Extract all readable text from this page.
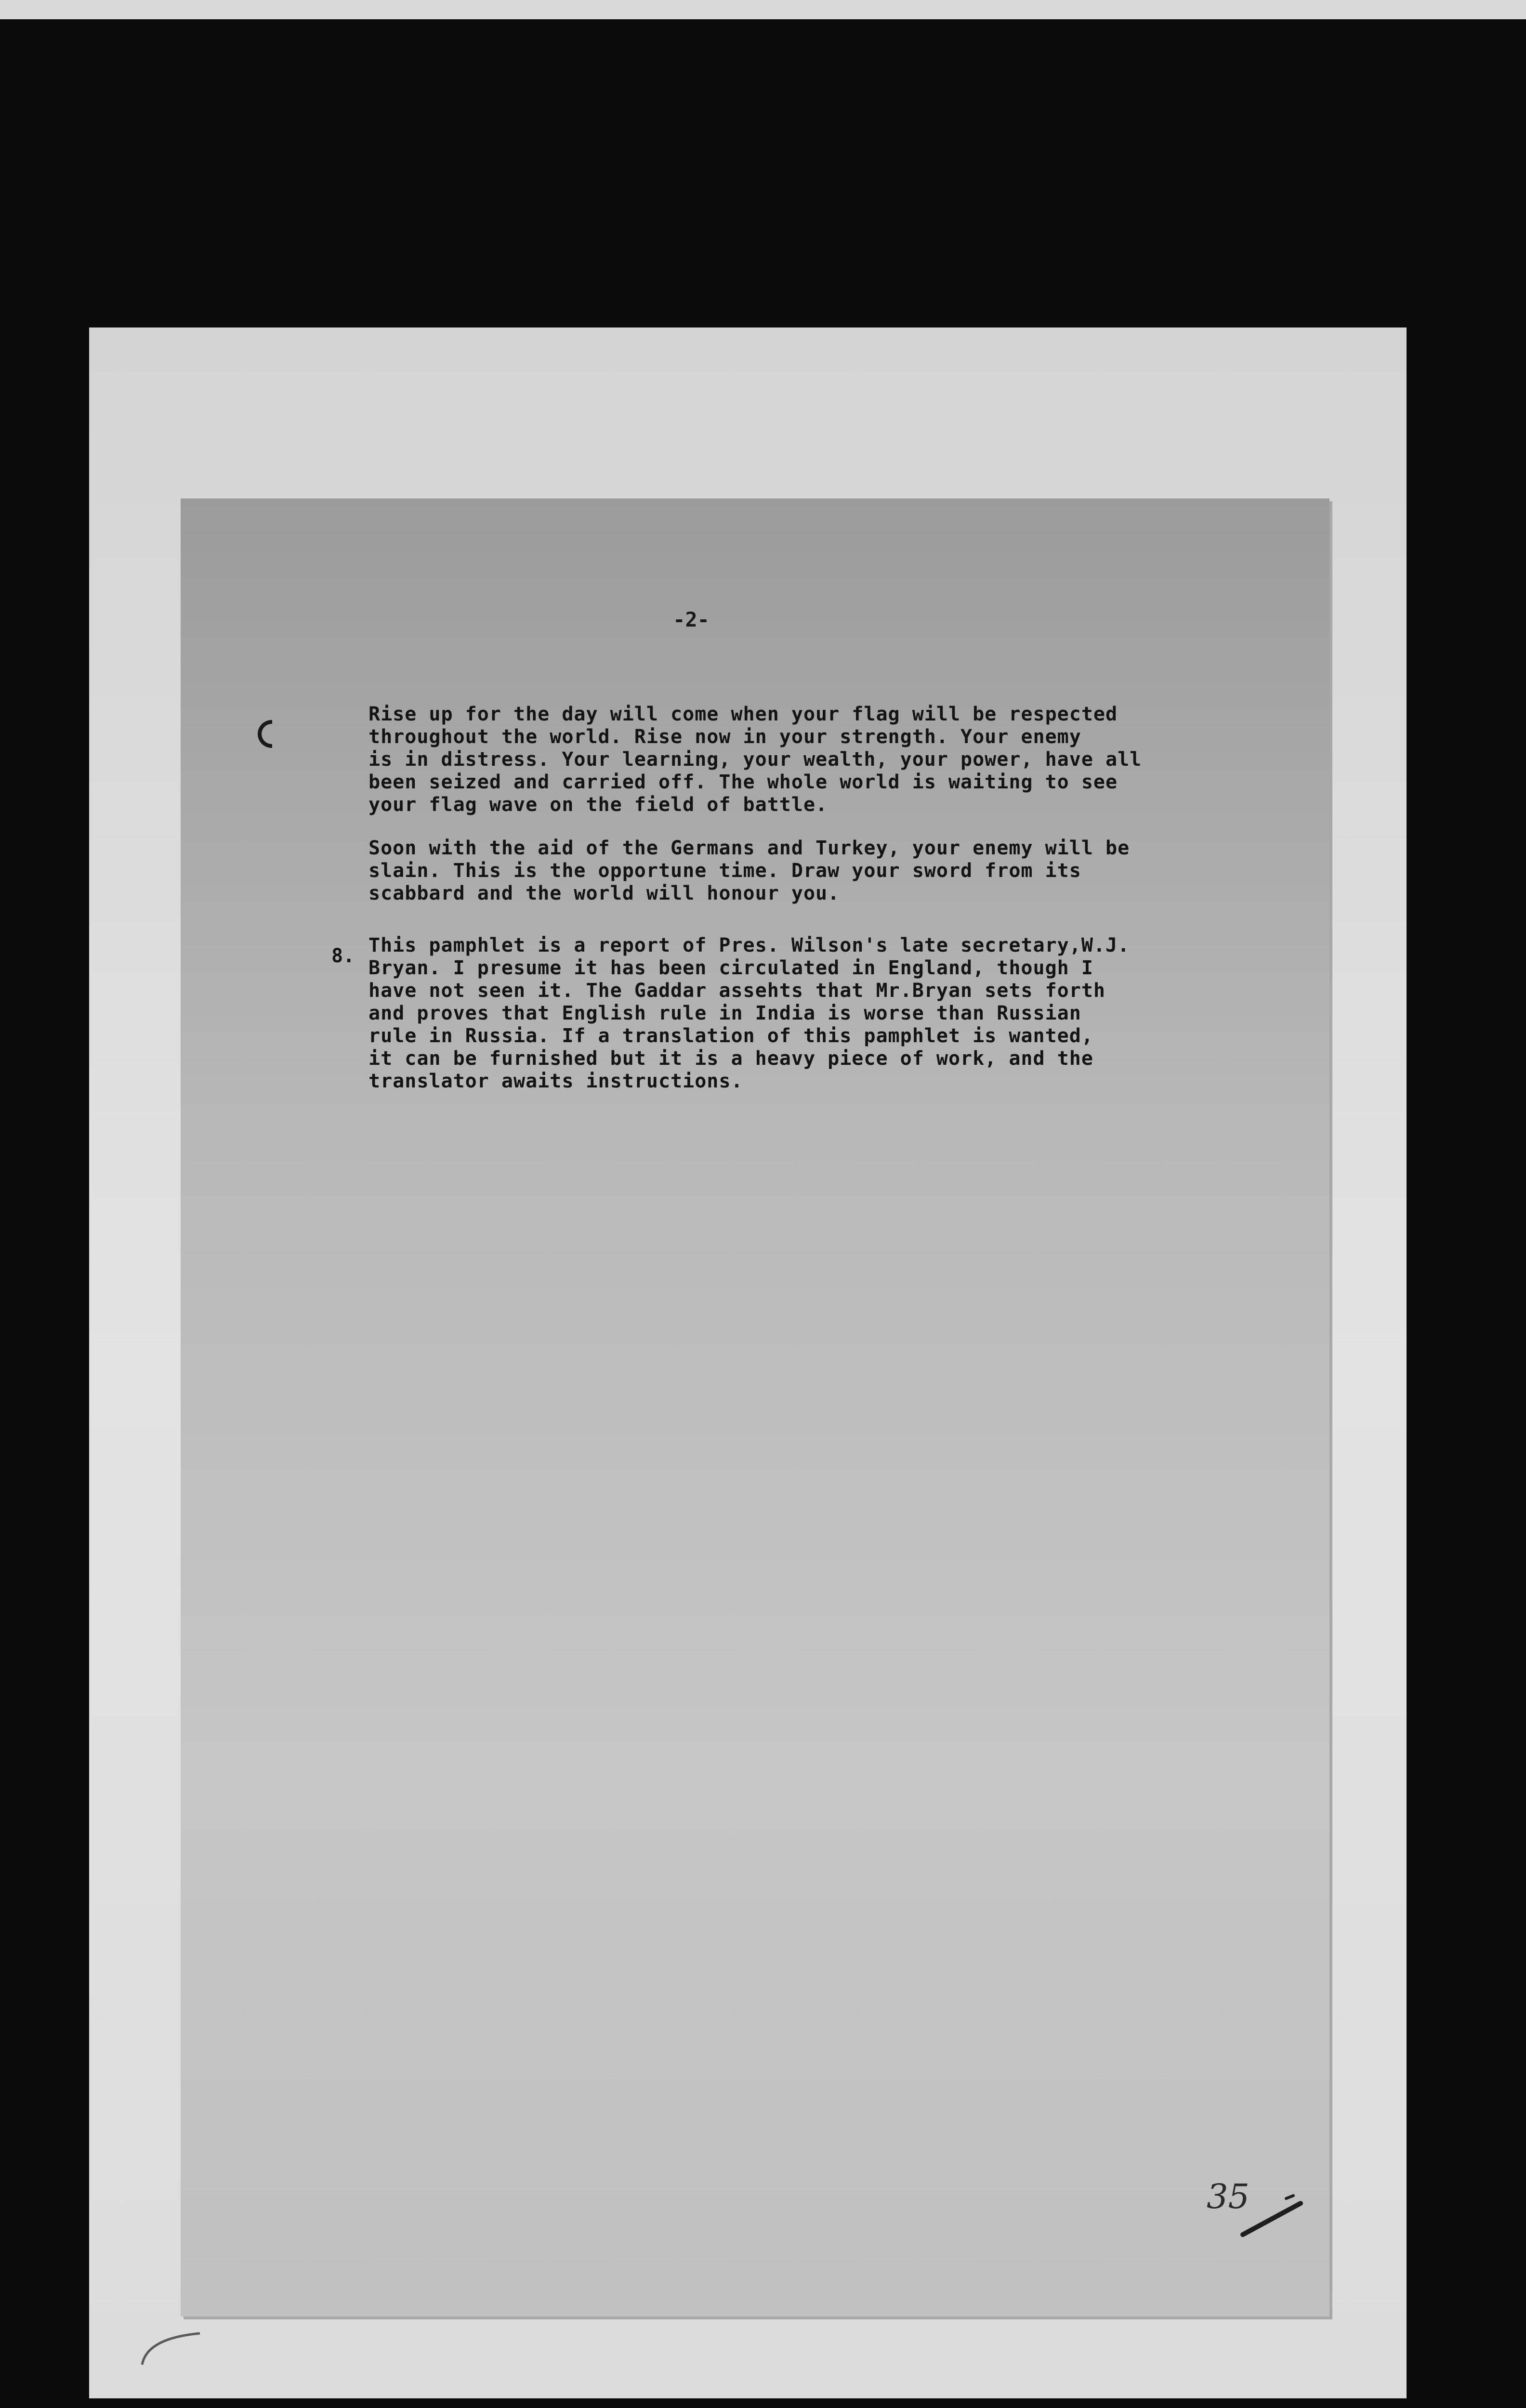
-2-

Rise up for the day will come when your flag will be respected
throughout the world. Rise now in your strength. Your enemy
is in distress. Your learning, your wealth, your power, have all
been seized and carried off. The whole world is waiting to see
your flag wave on the field of battle.

Soon with the aid of the Germans and Turkey, your enemy will be
slain. This is the opportune time. Draw your sword from its
scabbard and the world will honour you.

8. This pamphlet is a report of Pres. Wilson's late secretary,W.J.
Bryan. I presume it has been circulated in England, though I
have not seen it. The Gaddar assehts that Mr.Bryan sets forth
and proves that English rule in India is worse than Russian
rule in Russia. If a translation of this pamphlet is wanted,
it can be furnished but it is a heavy piece of work, and the
translator awaits instructions.

35
